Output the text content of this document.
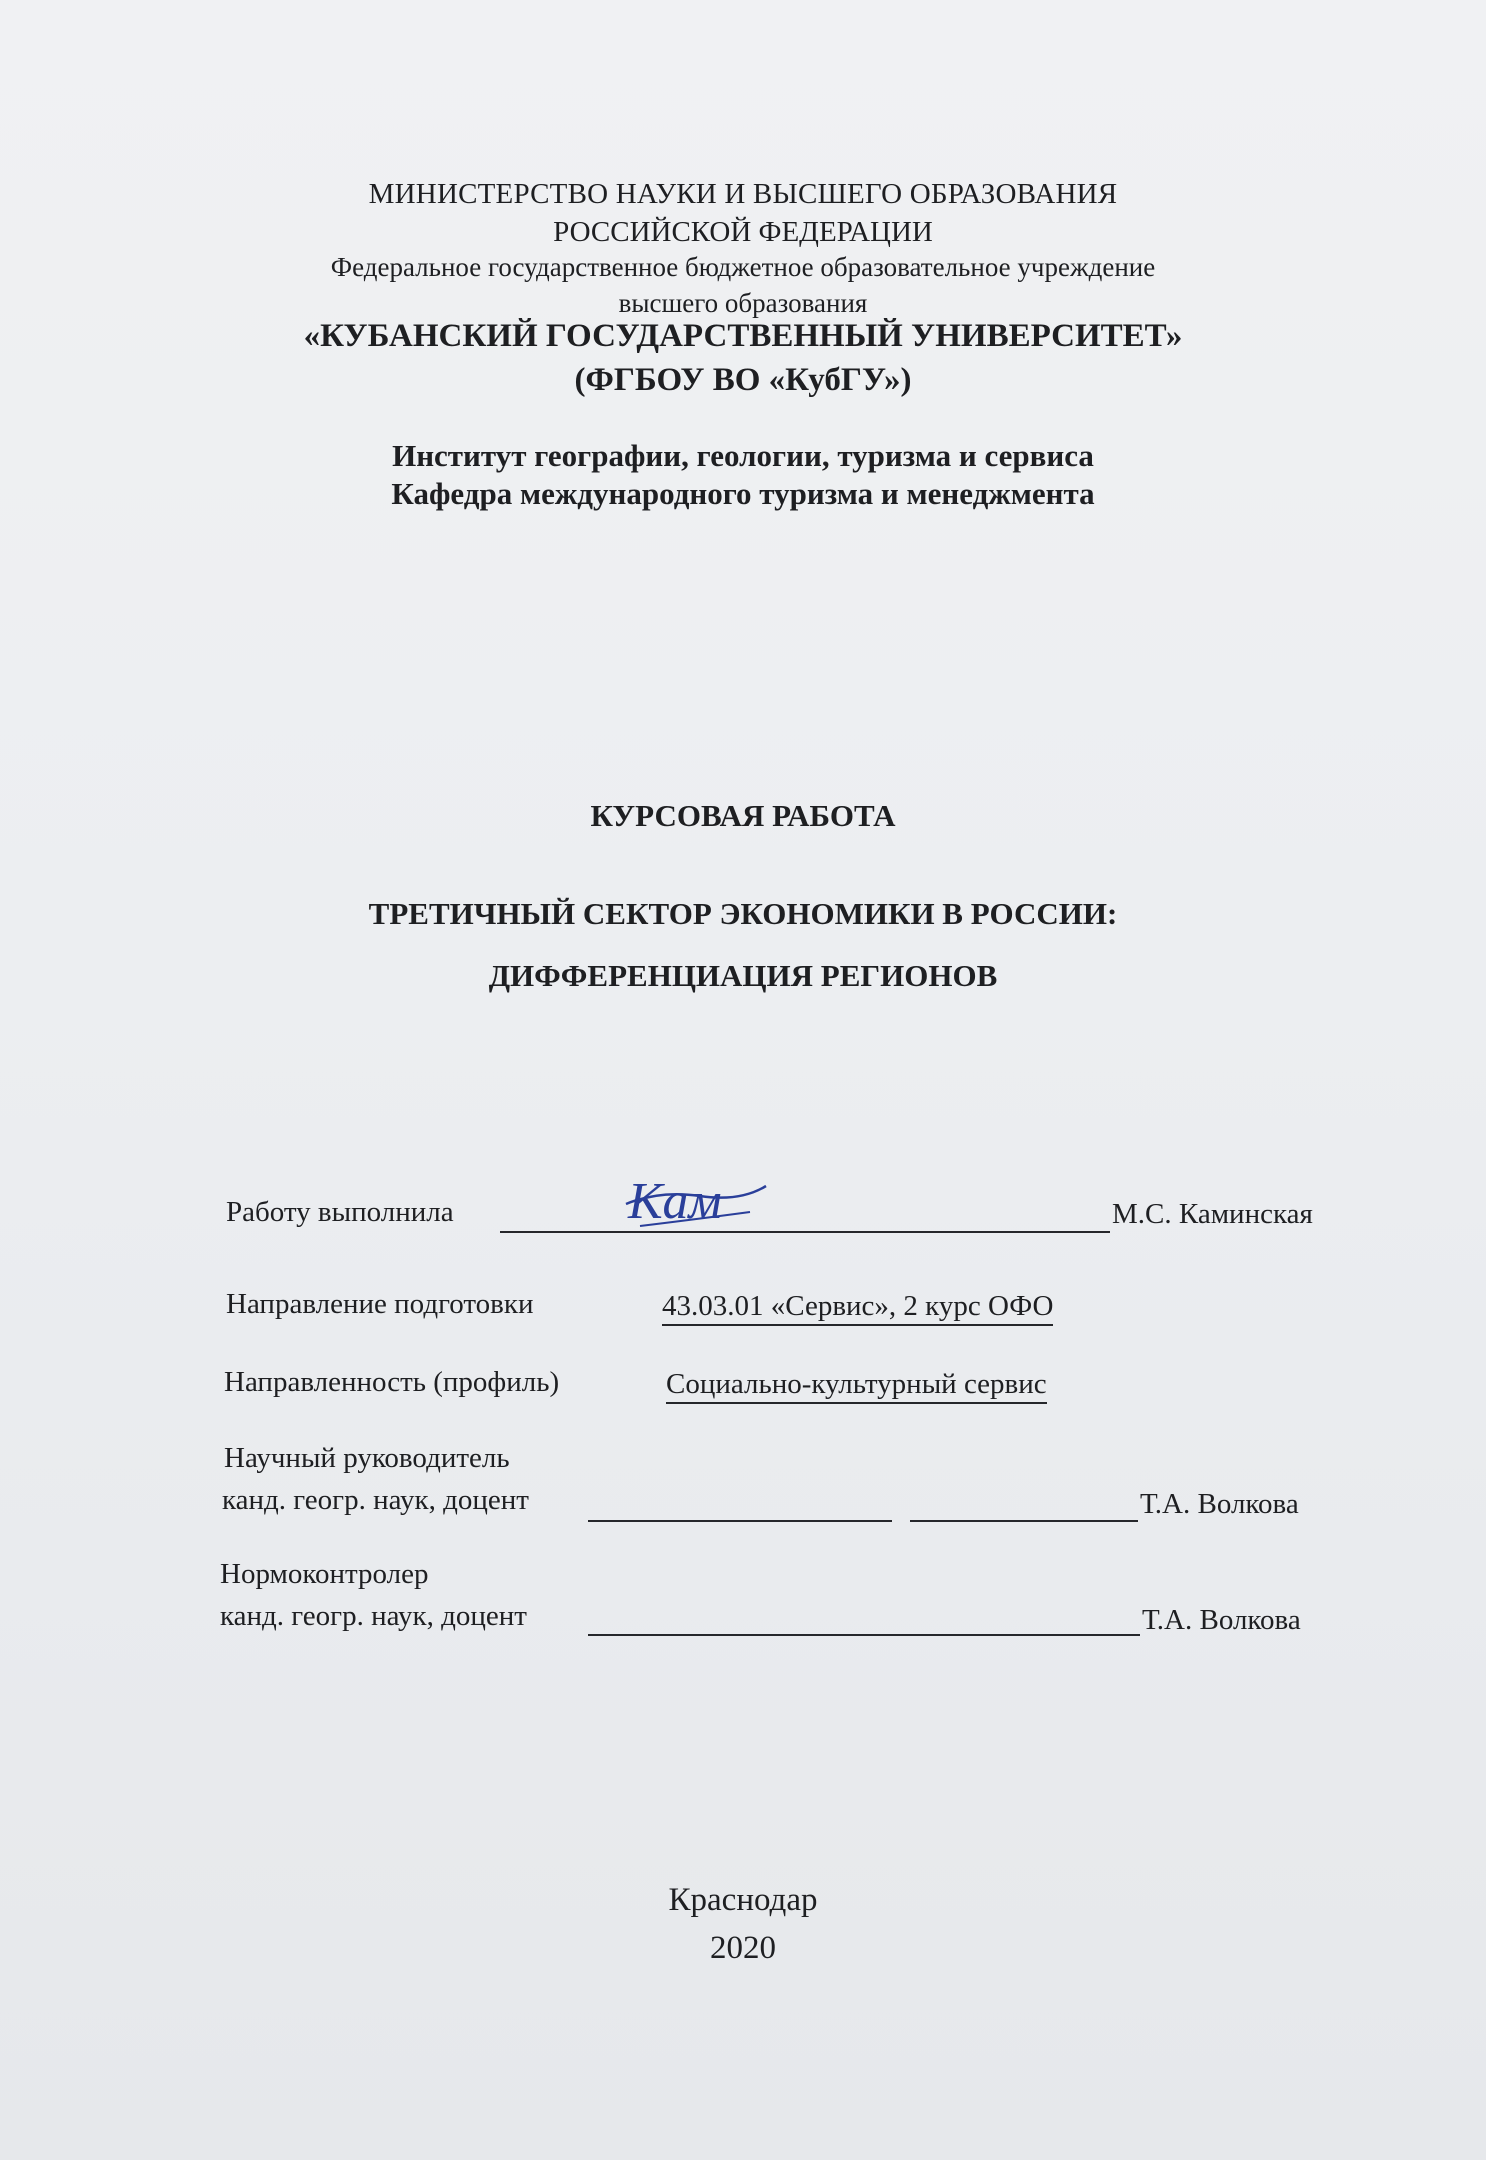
МИНИСТЕРСТВО НАУКИ И ВЫСШЕГО ОБРАЗОВАНИЯ
РОССИЙСКОЙ ФЕДЕРАЦИИ
Федеральное государственное бюджетное образовательное учреждение
высшего образования
«КУБАНСКИЙ ГОСУДАРСТВЕННЫЙ УНИВЕРСИТЕТ»
(ФГБОУ ВО «КубГУ»)
Институт географии, геологии, туризма и сервиса
Кафедра международного туризма и менеджмента
КУРСОВАЯ РАБОТА
ТРЕТИЧНЫЙ СЕКТОР ЭКОНОМИКИ В РОССИИ:
ДИФФЕРЕНЦИАЦИЯ РЕГИОНОВ
Работу выполнила	Кам	М.С. Каминская
Направление подготовки	43.03.01 «Сервис», 2 курс ОФО
Направленность (профиль)	Социально-культурный сервис
Научный руководитель
канд. геогр. наук, доцент	Т.А. Волкова
Нормоконтролер
канд. геогр. наук, доцент	Т.А. Волкова
Краснодар
2020
